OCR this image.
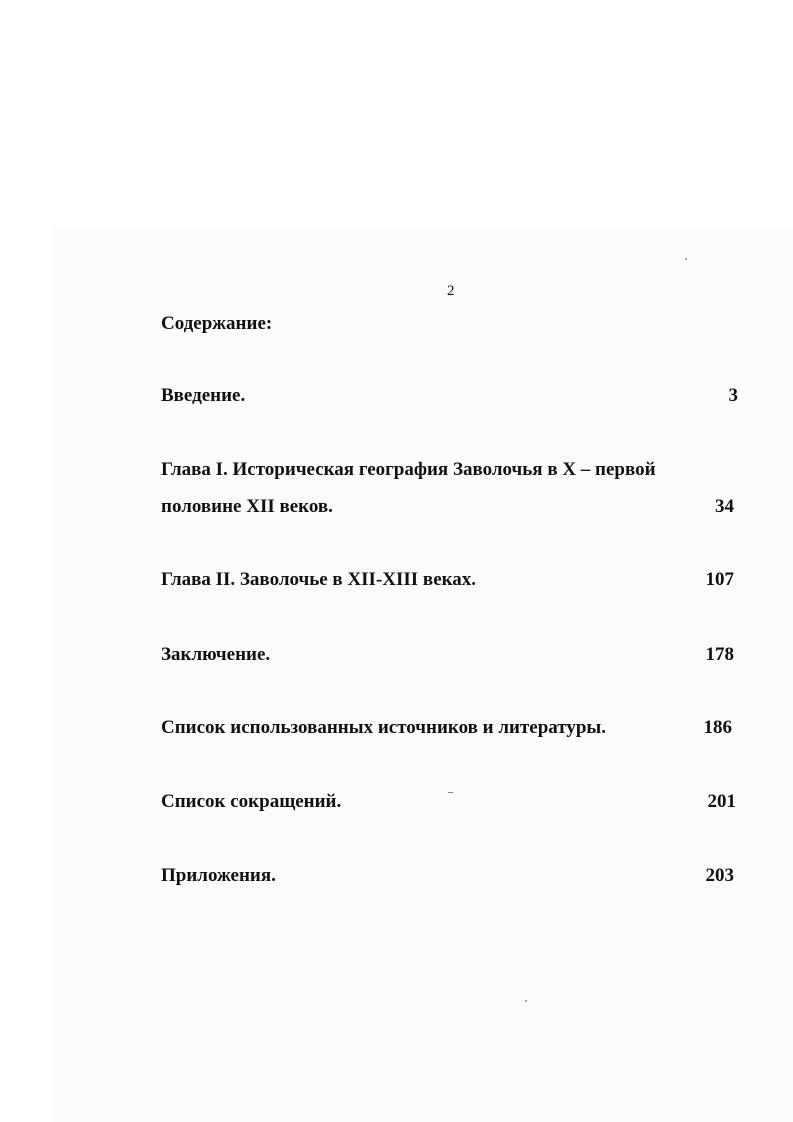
2
Содержание:
Введение.	3
Глава I. Историческая география Заволочья в X – первой
половине XII веков.	34
Глава II. Заволочье в XII-XIII веках.	107
Заключение.	178
Список использованных источников и литературы.	186
Список сокращений.	201
Приложения.	203
